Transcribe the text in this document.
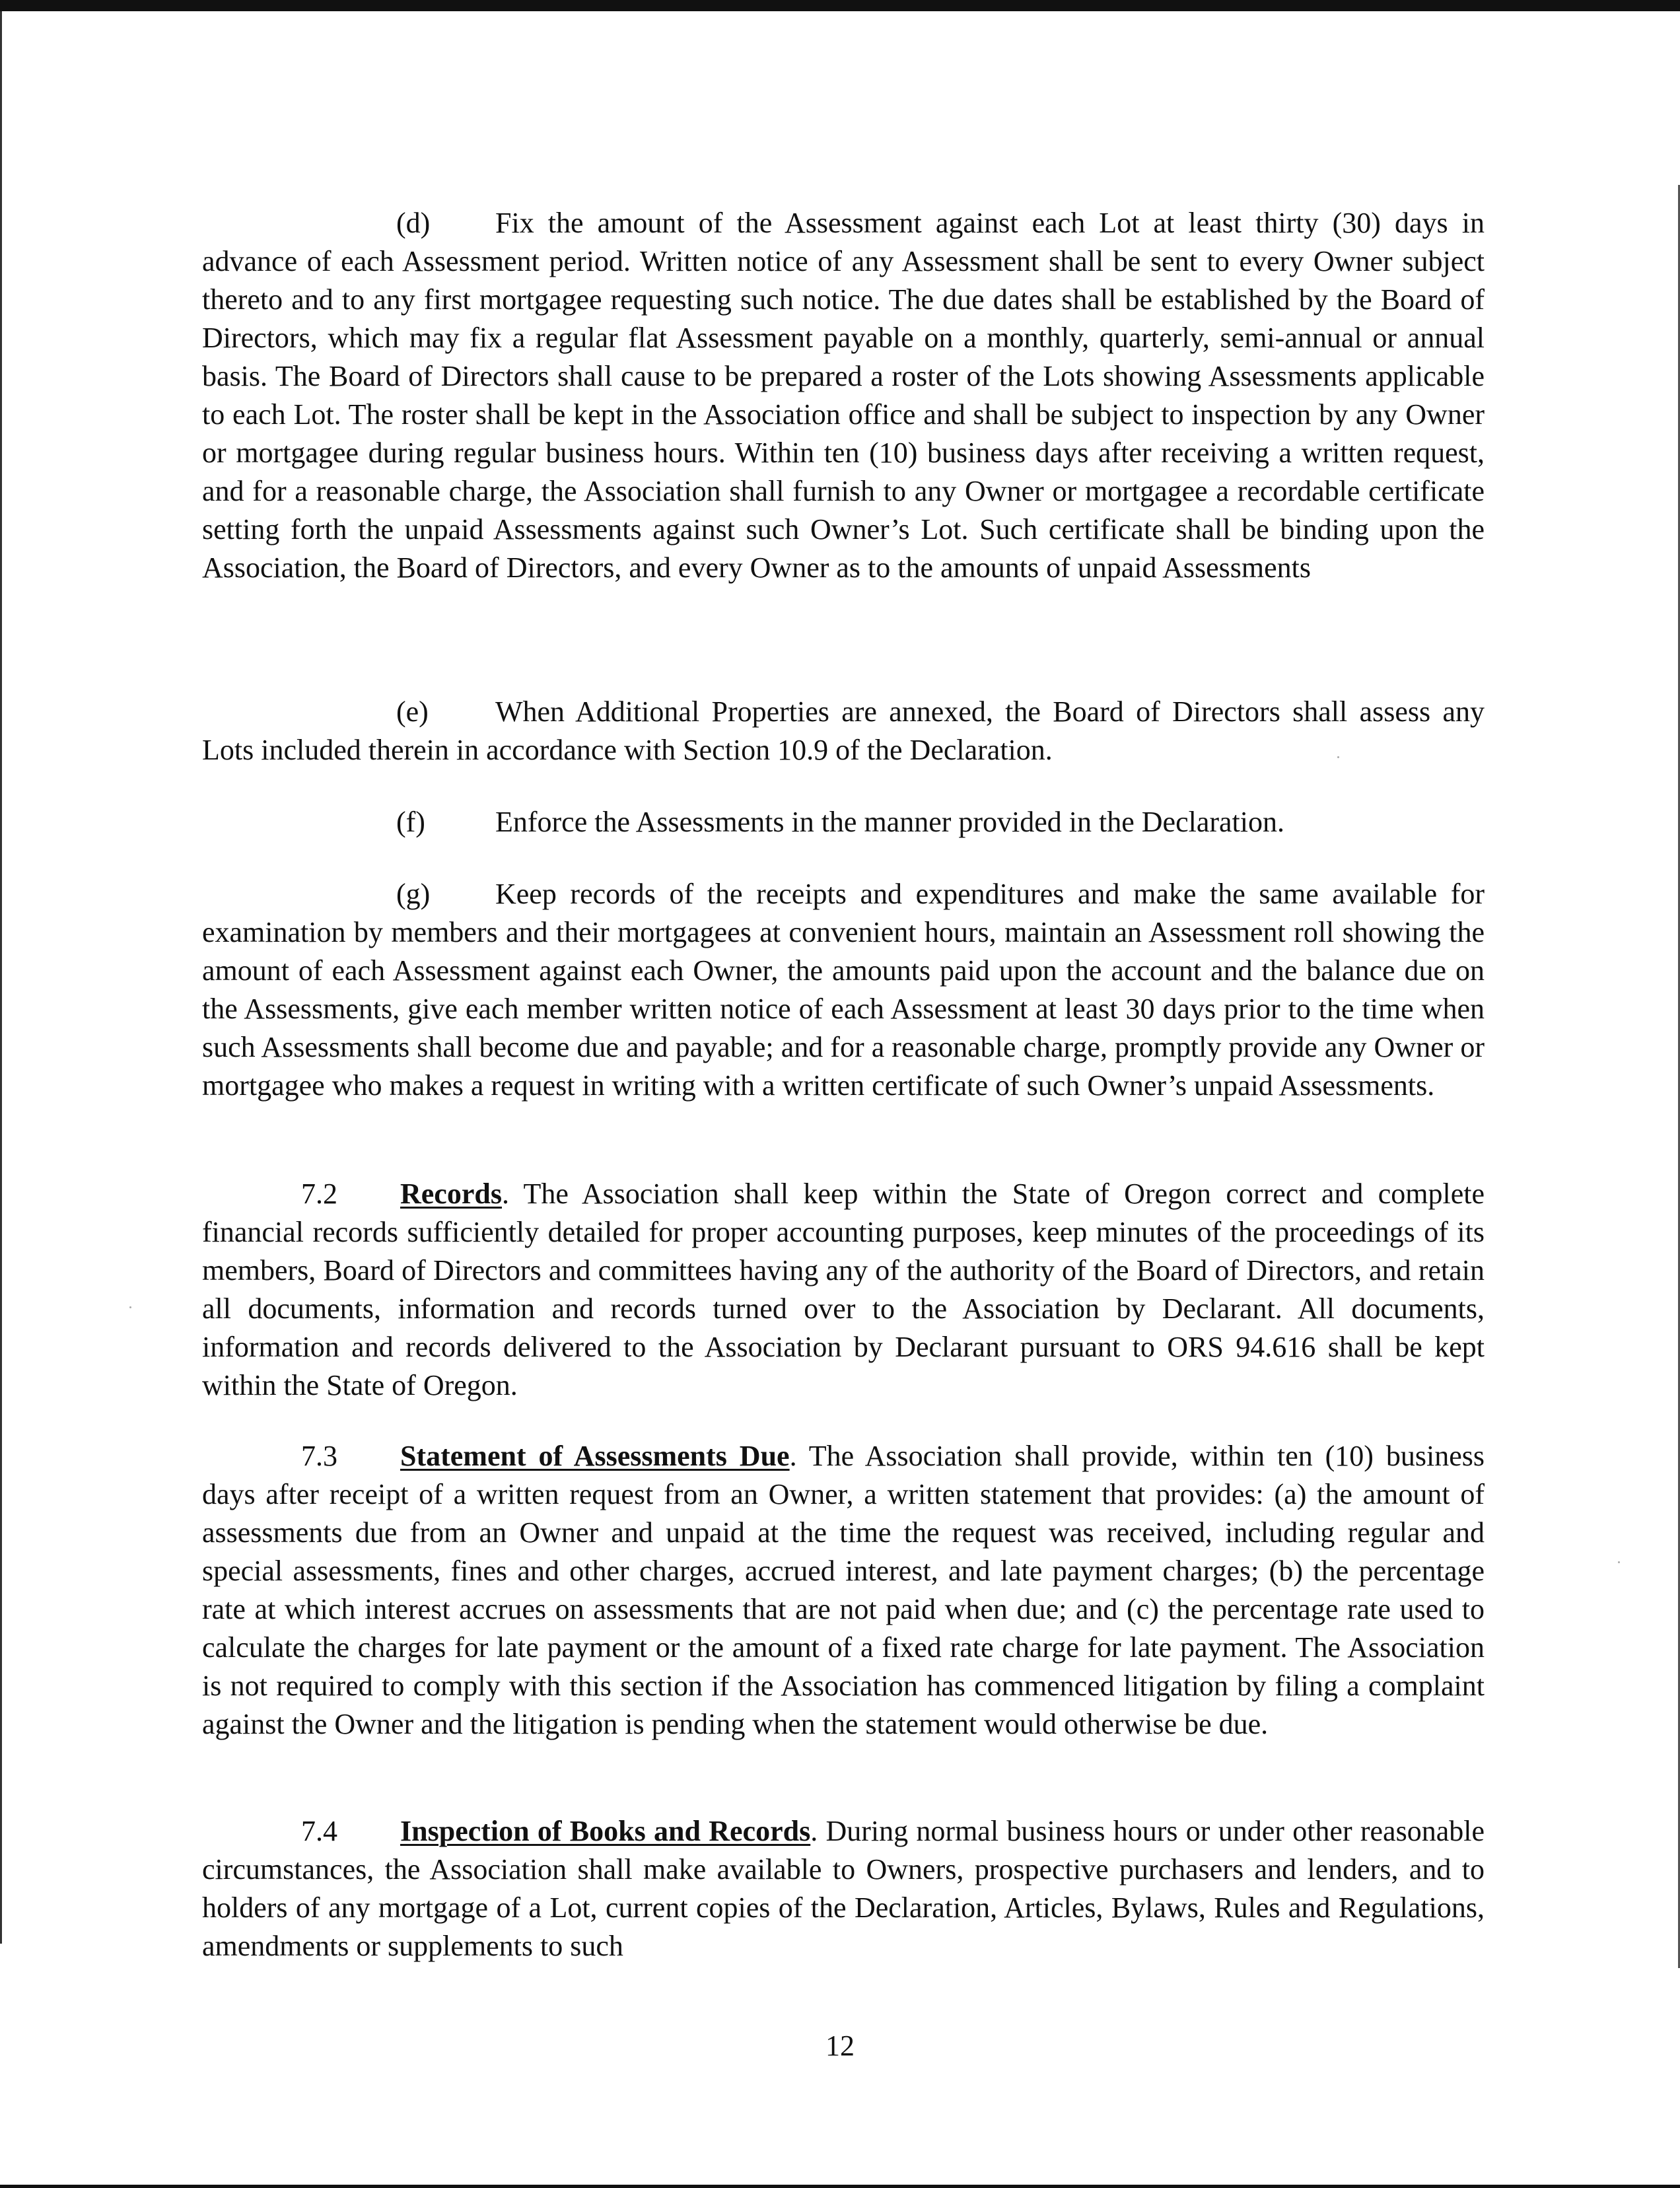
(d) Fix the amount of the Assessment against each Lot at least thirty (30) days in advance of each Assessment period. Written notice of any Assessment shall be sent to every Owner subject thereto and to any first mortgagee requesting such notice. The due dates shall be established by the Board of Directors, which may fix a regular flat Assessment payable on a monthly, quarterly, semi-annual or annual basis. The Board of Directors shall cause to be prepared a roster of the Lots showing Assessments applicable to each Lot. The roster shall be kept in the Association office and shall be subject to inspection by any Owner or mortgagee during regular business hours. Within ten (10) business days after receiving a written request, and for a reasonable charge, the Association shall furnish to any Owner or mortgagee a recordable certificate setting forth the unpaid Assessments against such Owner’s Lot. Such certificate shall be binding upon the Association, the Board of Directors, and every Owner as to the amounts of unpaid Assessments

(e) When Additional Properties are annexed, the Board of Directors shall assess any Lots included therein in accordance with Section 10.9 of the Declaration.

(f) Enforce the Assessments in the manner provided in the Declaration.

(g) Keep records of the receipts and expenditures and make the same available for examination by members and their mortgagees at convenient hours, maintain an Assessment roll showing the amount of each Assessment against each Owner, the amounts paid upon the account and the balance due on the Assessments, give each member written notice of each Assessment at least 30 days prior to the time when such Assessments shall become due and payable; and for a reasonable charge, promptly provide any Owner or mortgagee who makes a request in writing with a written certificate of such Owner’s unpaid Assessments.

7.2 Records. The Association shall keep within the State of Oregon correct and complete financial records sufficiently detailed for proper accounting purposes, keep minutes of the proceedings of its members, Board of Directors and committees having any of the authority of the Board of Directors, and retain all documents, information and records turned over to the Association by Declarant. All documents, information and records delivered to the Association by Declarant pursuant to ORS 94.616 shall be kept within the State of Oregon.

7.3 Statement of Assessments Due. The Association shall provide, within ten (10) business days after receipt of a written request from an Owner, a written statement that provides: (a) the amount of assessments due from an Owner and unpaid at the time the request was received, including regular and special assessments, fines and other charges, accrued interest, and late payment charges; (b) the percentage rate at which interest accrues on assessments that are not paid when due; and (c) the percentage rate used to calculate the charges for late payment or the amount of a fixed rate charge for late payment. The Association is not required to comply with this section if the Association has commenced litigation by filing a complaint against the Owner and the litigation is pending when the statement would otherwise be due.

7.4 Inspection of Books and Records. During normal business hours or under other reasonable circumstances, the Association shall make available to Owners, prospective purchasers and lenders, and to holders of any mortgage of a Lot, current copies of the Declaration, Articles, Bylaws, Rules and Regulations, amendments or supplements to such

12
